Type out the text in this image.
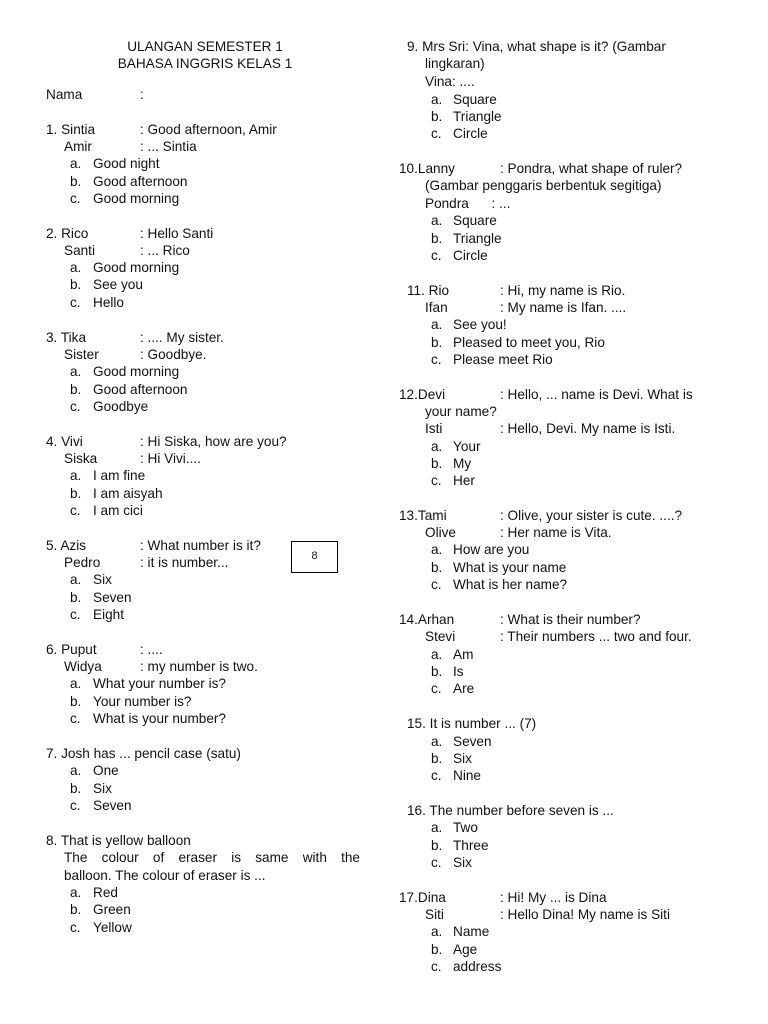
ULANGAN SEMESTER 1
BAHASA INGGRIS KELAS 1
Nama	:
1. Sintia	: Good afternoon, Amir
Amir	: ... Sintia
a. Good night
b. Good afternoon
c. Good morning
2. Rico	: Hello Santi
Santi	: ... Rico
a. Good morning
b. See you
c. Hello
3. Tika	: .... My sister.
Sister	: Goodbye.
a. Good morning
b. Good afternoon
c. Goodbye
4. Vivi	: Hi Siska, how are you?
Siska	: Hi Vivi....
a. I am fine
b. I am aisyah
c. I am cici
5. Azis	: What number is it?
Pedro	: it is number...	8
a. Six
b. Seven
c. Eight
6. Puput	: ....
Widya	: my number is two.
a. What your number is?
b. Your number is?
c. What is your number?
7. Josh has ... pencil case (satu)
a. One
b. Six
c. Seven
8. That is yellow balloon
The colour of eraser is same with the
balloon. The colour of eraser is ...
a. Red
b. Green
c. Yellow
9. Mrs Sri: Vina, what shape is it? (Gambar
lingkaran)
Vina: ....
a. Square
b. Triangle
c. Circle
10.Lanny	: Pondra, what shape of ruler?
(Gambar penggaris berbentuk segitiga)
Pondra      : ...
a. Square
b. Triangle
c. Circle
11. Rio	: Hi, my name is Rio.
Ifan	: My name is Ifan. ....
a. See you!
b. Pleased to meet you, Rio
c. Please meet Rio
12.Devi	: Hello, ... name is Devi. What is
your name?
Isti	: Hello, Devi. My name is Isti.
a. Your
b. My
c. Her
13.Tami	: Olive, your sister is cute. ....?
Olive	: Her name is Vita.
a. How are you
b. What is your name
c. What is her name?
14.Arhan	: What is their number?
Stevi	: Their numbers ... two and four.
a. Am
b. Is
c. Are
15. It is number ... (7)
a. Seven
b. Six
c. Nine
16. The number before seven is ...
a. Two
b. Three
c. Six
17.Dina	: Hi! My ... is Dina
Siti	: Hello Dina! My name is Siti
a. Name
b. Age
c. address
